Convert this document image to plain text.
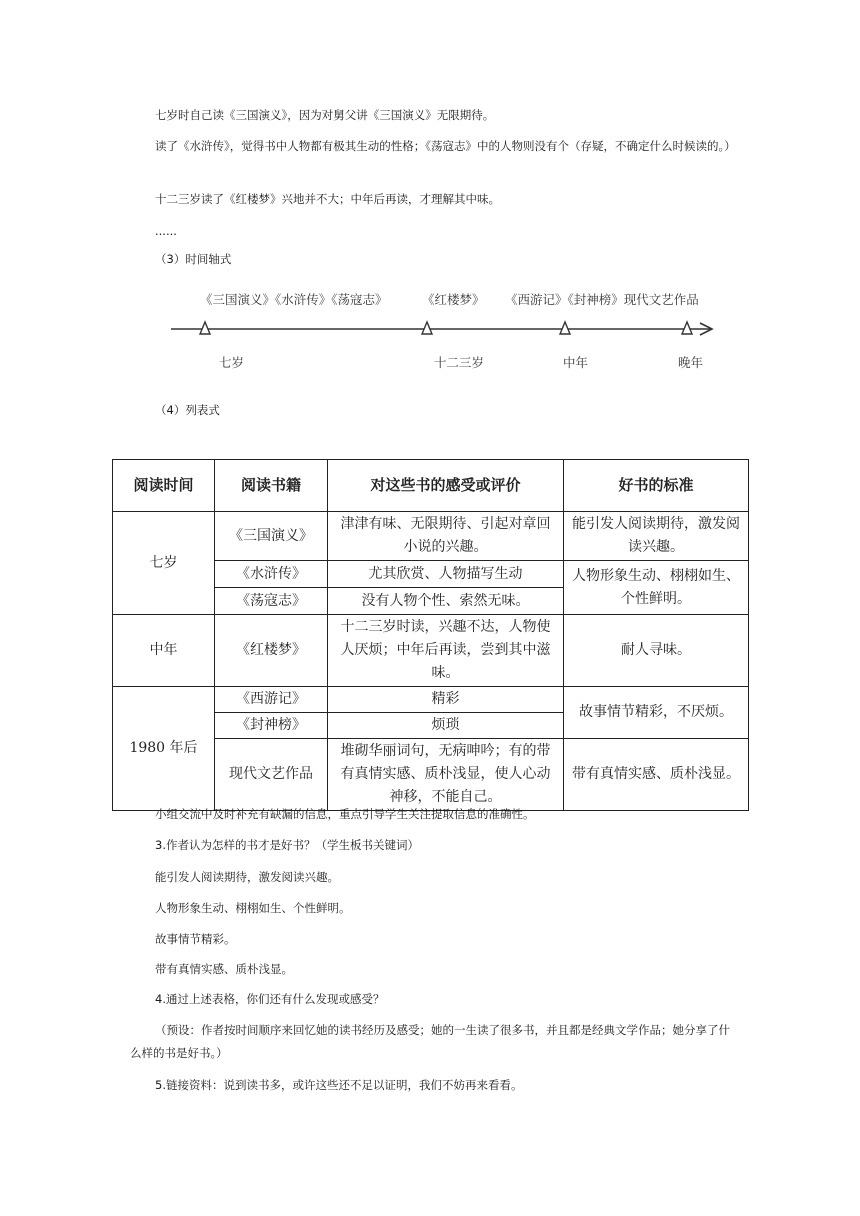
七岁时自己读《三国演义》，因为对舅父讲《三国演义》无限期待。

读了《水浒传》，觉得书中人物都有极其生动的性格；《荡寇志》中的人物则没有个（存疑，不确定什么时候读的。）

十二三岁读了《红楼梦》兴地并不大；中年后再读，才理解其中味。

......

（3）时间轴式

《三国演义》《水浒传》《荡寇志》	《红楼梦》 《西游记》《封神榜》现代文艺作品
七岁	十二三岁	中年	晚年

（4）列表式

阅读时间	阅读书籍	对这些书的感受或评价	好书的标准
七岁	《三国演义》	津津有味、无限期待、引起对章回小说的兴趣。	能引发人阅读期待，激发阅读兴趣。
	《水浒传》	尤其欣赏、人物描写生动	人物形象生动、栩栩如生、个性鲜明。
	《荡寇志》	没有人物个性、索然无味。	
中年	《红楼梦》	十二三岁时读，兴趣不达，人物使人厌烦；中年后再读，尝到其中滋味。	耐人寻味。
1980 年后	《西游记》	精彩	故事情节精彩，不厌烦。
	《封神榜》	烦琐	
	现代文艺作品	堆砌华丽词句，无病呻吟；有的带有真情实感、质朴浅显，使人心动神移，不能自己。	带有真情实感、质朴浅显。

小组交流中及时补充有缺漏的信息，重点引导学生关注提取信息的准确性。

3.作者认为怎样的书才是好书？（学生板书关键词）

能引发人阅读期待，激发阅读兴趣。

人物形象生动、栩栩如生、个性鲜明。

故事情节精彩。

带有真情实感、质朴浅显。

4.通过上述表格，你们还有什么发现或感受？

（预设：作者按时间顺序来回忆她的读书经历及感受；她的一生读了很多书，并且都是经典文学作品；她分享了什么样的书是好书。）

5.链接资料：说到读书多，或许这些还不足以证明，我们不妨再来看看。
